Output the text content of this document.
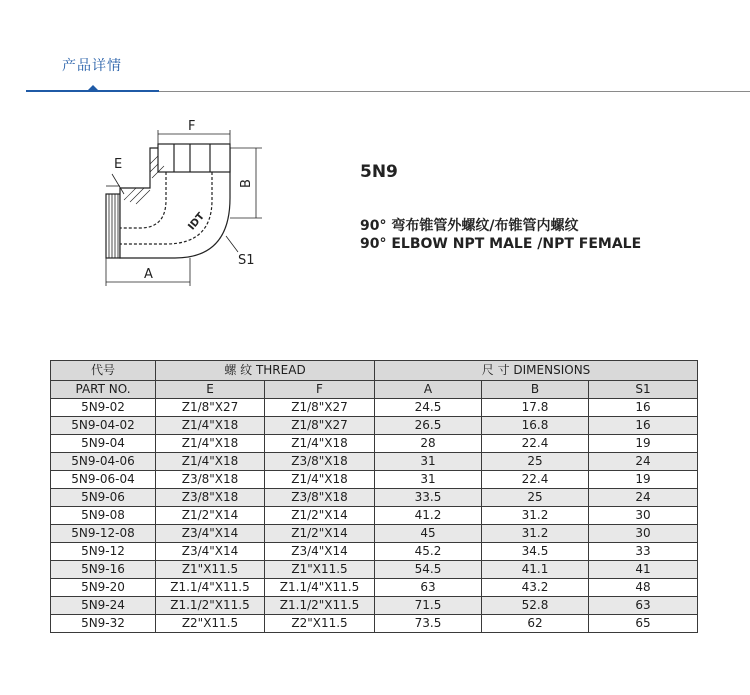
产品详情
F
E
B
A
S1
IDT
5N9
90° 弯布锥管外螺纹/布锥管内螺纹
90° ELBOW NPT MALE /NPT FEMALE
代号	螺 纹 THREAD		尺 寸 DIMENSIONS		
PART NO.	E	F	A	B	S1
5N9-02	Z1/8"X27	Z1/8"X27	24.5	17.8	16
5N9-04-02	Z1/4"X18	Z1/8"X27	26.5	16.8	16
5N9-04	Z1/4"X18	Z1/4"X18	28	22.4	19
5N9-04-06	Z1/4"X18	Z3/8"X18	31	25	24
5N9-06-04	Z3/8"X18	Z1/4"X18	31	22.4	19
5N9-06	Z3/8"X18	Z3/8"X18	33.5	25	24
5N9-08	Z1/2"X14	Z1/2"X14	41.2	31.2	30
5N9-12-08	Z3/4"X14	Z1/2"X14	45	31.2	30
5N9-12	Z3/4"X14	Z3/4"X14	45.2	34.5	33
5N9-16	Z1"X11.5	Z1"X11.5	54.5	41.1	41
5N9-20	Z1.1/4"X11.5	Z1.1/4"X11.5	63	43.2	48
5N9-24	Z1.1/2"X11.5	Z1.1/2"X11.5	71.5	52.8	63
5N9-32	Z2"X11.5	Z2"X11.5	73.5	62	65
